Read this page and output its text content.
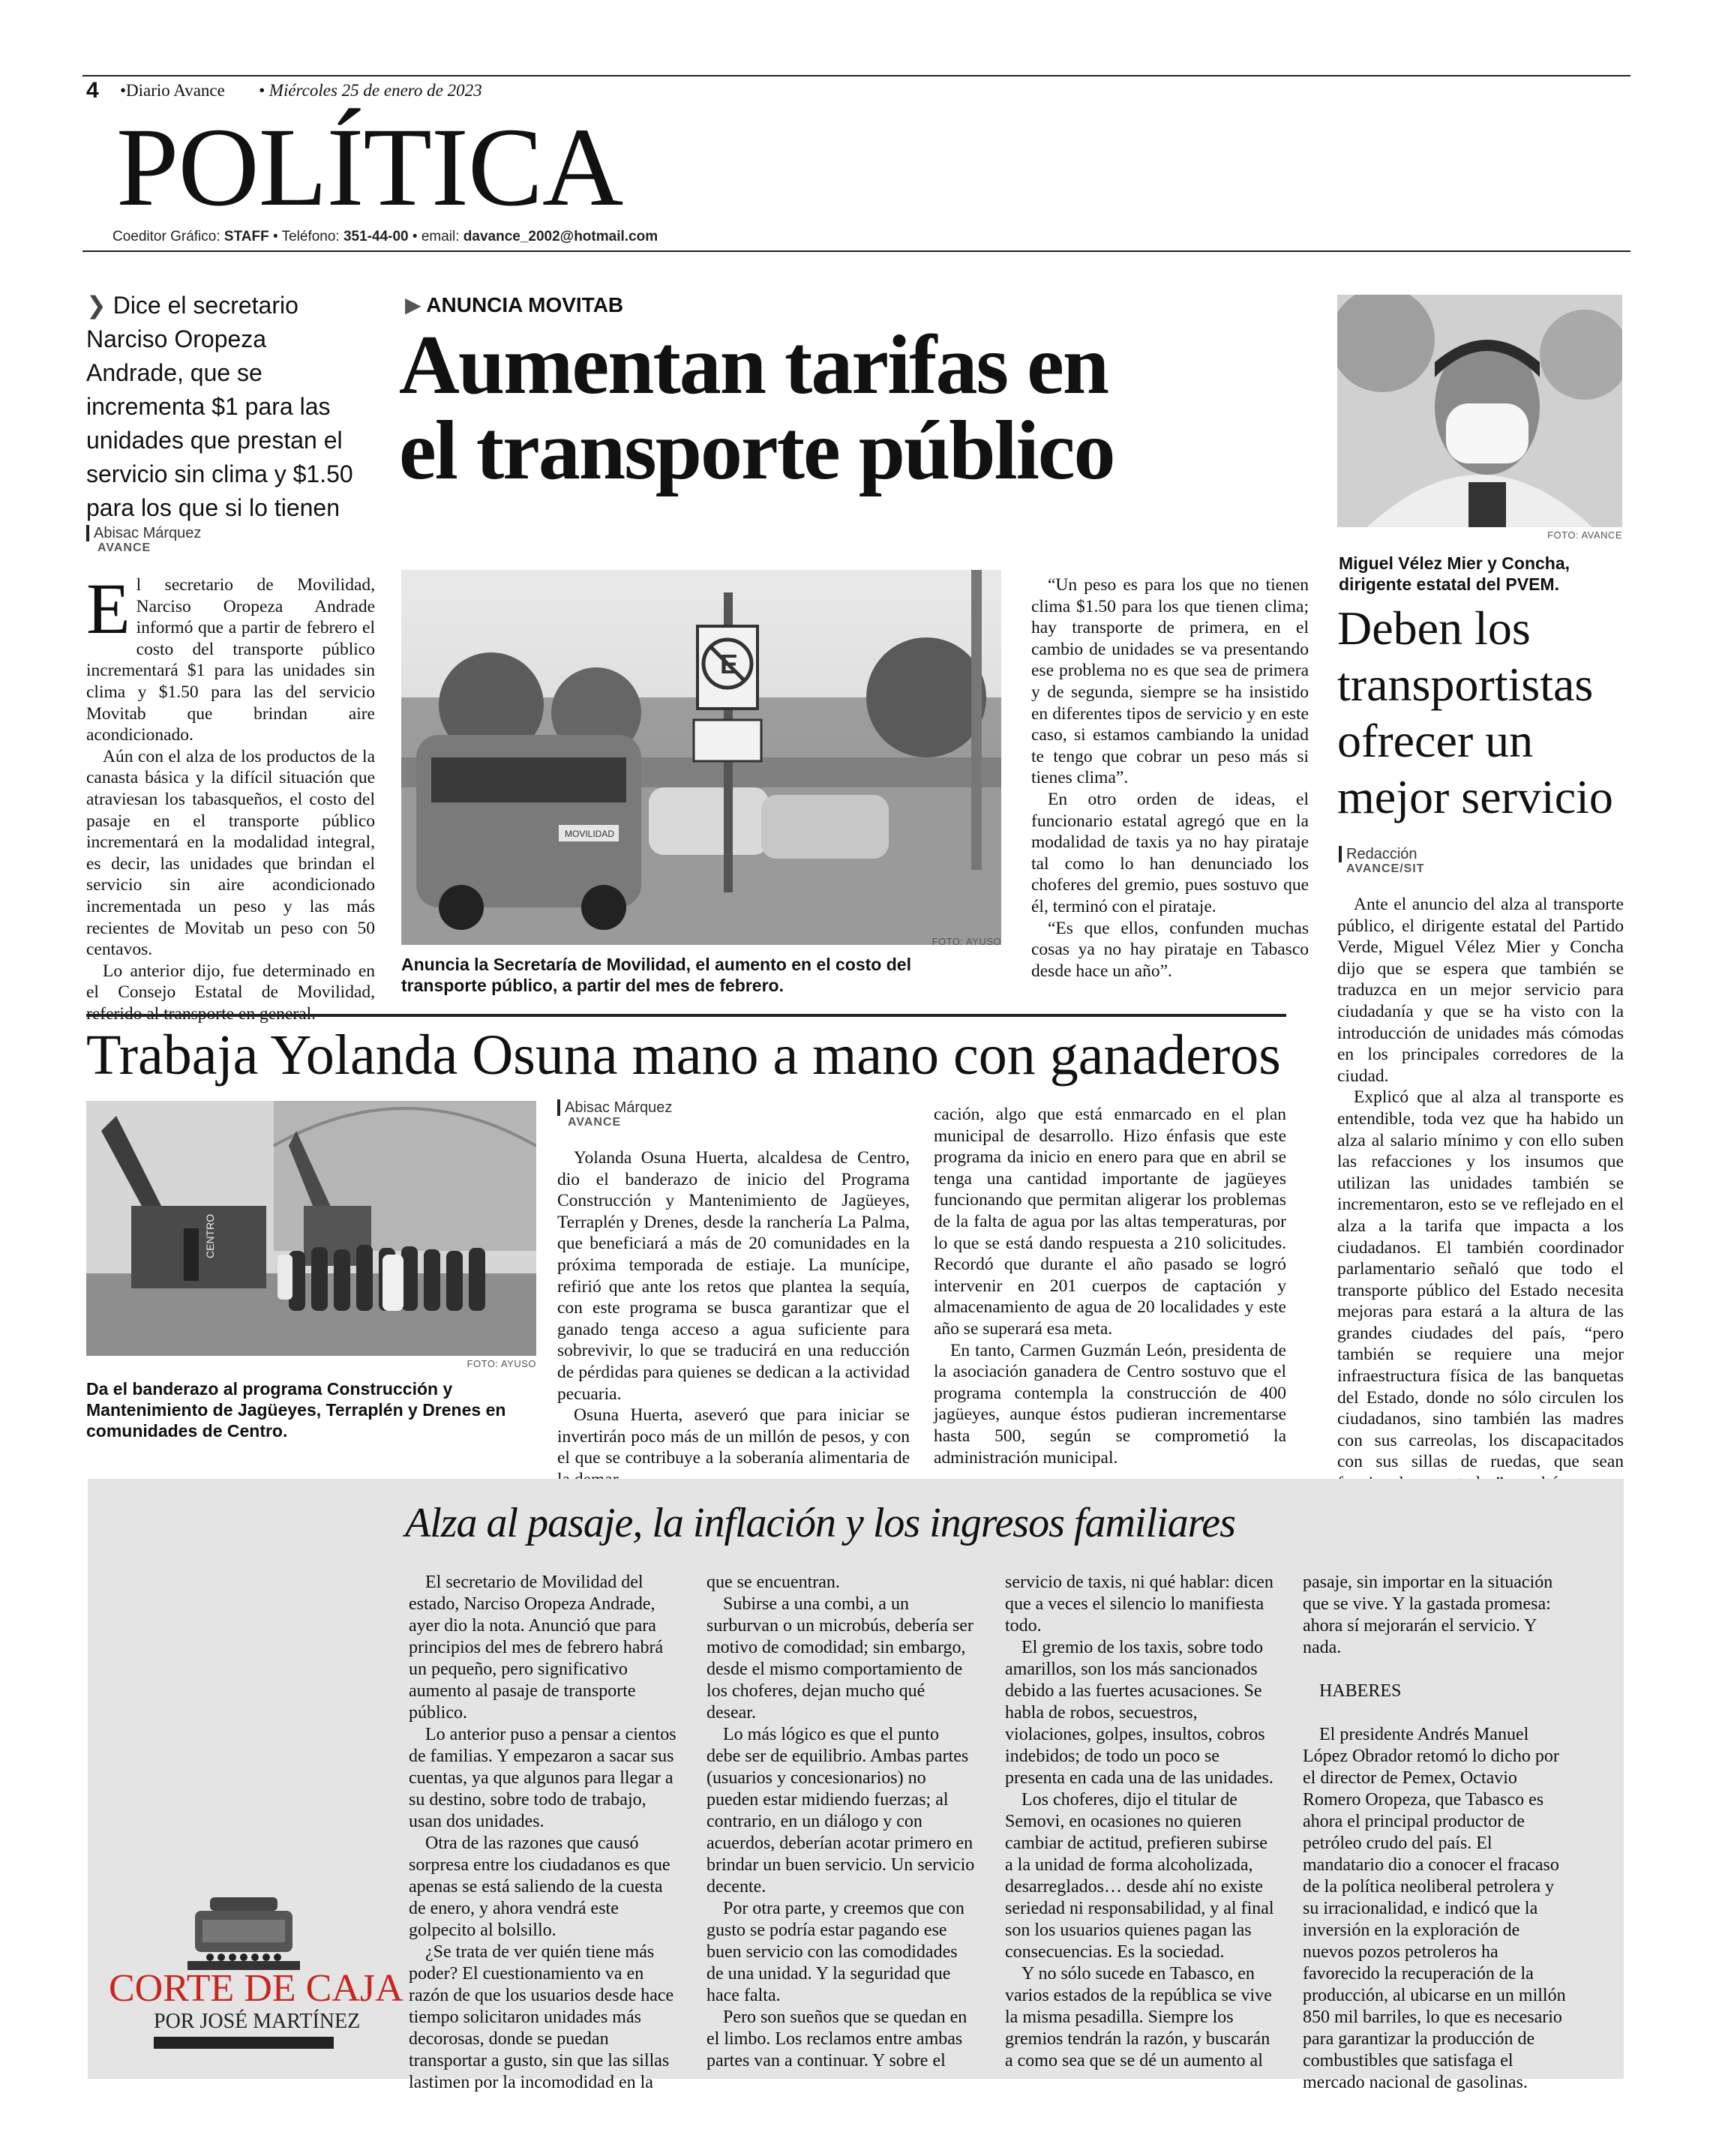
4 •Diario Avance • Miércoles 25 de enero de 2023
POLÍTICA
Coeditor Gráfico: STAFF • Teléfono: 351-44-00 • email: davance_2002@hotmail.com
❯ Dice el secretario Narciso Oropeza Andrade, que se incrementa $1 para las unidades que prestan el servicio sin clima y $1.50 para los que si lo tienen
▶ ANUNCIA MOVITAB
Aumentan tarifas en
el transporte público
Abisac Márquez
AVANCE
E l secretario de Movilidad, Narciso Oropeza Andrade informó que a partir de febrero el costo del transporte público incrementará $1 para las unidades sin clima y $1.50 para las del servicio Movitab que brindan aire acondicionado.

Aún con el alza de los productos de la canasta básica y la difícil situación que atraviesan los tabasqueños, el costo del pasaje en el transporte público incrementará en la modalidad integral, es decir, las unidades que brindan el servicio sin aire acondicionado incrementada un peso y las más recientes de Movitab un peso con 50 centavos.

Lo anterior dijo, fue determinado en el Consejo Estatal de Movilidad,

MOVILIDAD
E
FOTO: AYUSO
Anuncia la Secretaría de Movilidad, el aumento en el costo del transporte público, a partir del mes de febrero.

“Un peso es para los que no tienen clima $1.50 para los que tienen clima; hay transporte de primera, en el cambio de unidades se va presentando ese problema no es que sea de primera y de segunda, siempre se ha insistido en diferentes tipos de servicio y en este caso, si estamos cambiando la unidad te tengo que cobrar un peso más si tienes clima”.

En otro orden de ideas, el funcionario estatal agregó que en la modalidad de taxis ya no hay pirataje tal como lo han denunciado los choferes del gremio, pues sostuvo que él, terminó con el pirataje.

“Es que ellos, confunden muchas cosas ya no hay pirataje en Tabasco desde hace un año”.

FOTO: AVANCE
Miguel Vélez Mier y Concha, dirigente estatal del PVEM.
Deben los transportistas ofrecer un mejor servicio
Redacción
AVANCE/SIT

Ante el anuncio del alza al transporte público, el dirigente estatal del Partido Verde, Miguel Vélez Mier y Concha dijo que se espera que también se traduzca en un mejor servicio para ciudadanía y que se ha visto con la introducción de unidades más cómodas en los principales corredores de la ciudad.

Explicó que al alza al transporte es entendible, toda vez que ha habido un alza al salario mínimo y con ello suben las refacciones y los insumos que utilizan las unidades también se incrementaron, esto se ve reflejado en el alza a la tarifa que impacta a los ciudadanos. El también coordinador parlamentario señaló que todo el transporte público del Estado necesita mejoras para estará a la altura de las grandes ciudades del país, “pero también se requiere una mejor infraestructura física de las banquetas del Estado, donde no sólo circulen los ciudadanos, sino también las madres con sus carreolas, los discapacitados con sus sillas de ruedas, que sean

Trabaja Yolanda Osuna mano a mano con ganaderos
CENTRO
FOTO: AYUSO
Da el banderazo al programa Construcción y Mantenimiento de Jagüeyes, Terraplén y Drenes en comunidades de Centro.
Abisac Márquez
AVANCE

Yolanda Osuna Huerta, alcaldesa de Centro, dio el banderazo de inicio del Programa Construcción y Mantenimiento de Jagüeyes, Terraplén y Drenes, desde la ranchería La Palma, que beneficiará a más de 20 comunidades en la próxima temporada de estiaje. La munícipe, refirió que ante los retos que plantea la sequía, con este programa se busca garantizar que el ganado tenga acceso a agua suficiente para sobrevivir, lo que se traducirá en una reducción de pérdidas para quienes se dedican a la actividad pecuaria.

Osuna Huerta, aseveró que para iniciar se invertirán poco más de un millón de pesos, y con el que se contribuye a la soberanía alimentaria de

cación, algo que está enmarcado en el plan municipal de desarrollo. Hizo énfasis que este programa da inicio en enero para que en abril se tenga una cantidad importante de jagüeyes funcionando que permitan aligerar los problemas de la falta de agua por las altas temperaturas, por lo que se está dando respuesta a 210 solicitudes. Recordó que durante el año pasado se logró intervenir en 201 cuerpos de captación y almacenamiento de agua de 20 localidades y este año se superará esa meta.

En tanto, Carmen Guzmán León, presidenta de la asociación ganadera de Centro sostuvo que el programa contempla la construcción de 400 jagüeyes, aunque éstos pudieran incrementarse hasta 500, según se comprometió la administración municipal.

Alza al pasaje, la inflación y los ingresos familiares
CORTE DE CAJA
POR JOSÉ MARTÍNEZ

El secretario de Movilidad del estado, Narciso Oropeza Andrade, ayer dio la nota. Anunció que para principios del mes de febrero habrá un pequeño, pero significativo aumento al pasaje de transporte público.

Lo anterior puso a pensar a cientos de familias. Y empezaron a sacar sus cuentas, ya que algunos para llegar a su destino, sobre todo de trabajo, usan dos unidades.

Otra de las razones que causó sorpresa entre los ciudadanos es que apenas se está saliendo de la cuesta de enero, y ahora vendrá este golpecito al bolsillo.

¿Se trata de ver quién tiene más poder? El cuestionamiento va en razón de que los usuarios desde hace tiempo solicitaron unidades más decorosas, donde se puedan transportar a gusto, sin que las sillas lastimen por la incomodidad en la

que se encuentran.

Subirse a una combi, a un surburvan o un microbús, debería ser motivo de comodidad; sin embargo, desde el mismo comportamiento de los choferes, dejan mucho qué desear.

Lo más lógico es que el punto debe ser de equilibrio. Ambas partes (usuarios y concesionarios) no pueden estar midiendo fuerzas; al contrario, en un diálogo y con acuerdos, deberían acotar primero en brindar un buen servicio. Un servicio decente.

Por otra parte, y creemos que con gusto se podría estar pagando ese buen servicio con las comodidades de una unidad. Y la seguridad que hace falta.

Pero son sueños que se quedan en el limbo. Los reclamos entre ambas partes van a continuar. Y sobre el

servicio de taxis, ni qué hablar: dicen que a veces el silencio lo manifiesta todo.

El gremio de los taxis, sobre todo amarillos, son los más sancionados debido a las fuertes acusaciones. Se habla de robos, secuestros, violaciones, golpes, insultos, cobros indebidos; de todo un poco se presenta en cada una de las unidades.

Los choferes, dijo el titular de Semovi, en ocasiones no quieren cambiar de actitud, prefieren subirse a la unidad de forma alcoholizada, desarreglados… desde ahí no existe seriedad ni responsabilidad, y al final son los usuarios quienes pagan las consecuencias. Es la sociedad.

Y no sólo sucede en Tabasco, en varios estados de la república se vive la misma pesadilla. Siempre los gremios tendrán la razón, y buscarán a como sea que se dé un aumento al

pasaje, sin importar en la situación que se vive. Y la gastada promesa: ahora sí mejorarán el servicio. Y nada.

HABERES

El presidente Andrés Manuel López Obrador retomó lo dicho por el director de Pemex, Octavio Romero Oropeza, que Tabasco es ahora el principal productor de petróleo crudo del país. El mandatario dio a conocer el fracaso de la política neoliberal petrolera y su irracionalidad, e indicó que la inversión en la exploración de nuevos pozos petroleros ha favorecido la recuperación de la producción, al ubicarse en un millón 850 mil barriles, lo que es necesario para garantizar la producción de combustibles que satisfaga el mercado nacional de gasolinas.
